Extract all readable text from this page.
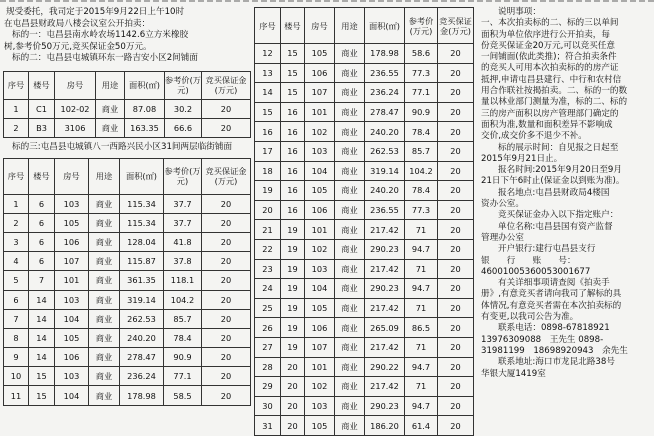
规受委托，我司定于2015年9月22日上午10时
在屯昌县财政局八楼会议室公开拍卖：
标的一：屯昌县南水岭农场1142.6立方米橡胶
树,参考价50万元,竞买保证金50万元。
标的二：屯昌县屯城镇环东一路吉安小区2间铺面
序号	楼号	房号	用途	面积(㎡)	参考价(万元)	竞买保证金(万元)
1	C1	102-02	商业	87.08	30.2	20
2	B3	3106	商业	163.35	66.6	20
标的三:屯昌县屯城镇八一西路兴民小区31间两层临街铺面
序号	楼号	房号	用途	面积(㎡)	参考价(万元)	竞买保证金(万元)
1	6	103	商业	115.34	37.7	20
2	6	105	商业	115.34	37.7	20
3	6	106	商业	128.04	41.8	20
4	6	107	商业	115.87	37.8	20
5	7	101	商业	361.35	118.1	20
6	14	103	商业	319.14	104.2	20
7	14	104	商业	262.53	85.7	20
8	14	105	商业	240.20	78.4	20
9	14	106	商业	278.47	90.9	20
10	15	103	商业	236.24	77.1	20
11	15	104	商业	178.98	58.5	20
序号	楼号	房号	用途	面积(㎡)	参考价(万元)	竞买保证金(万元)
12	15	105	商业	178.98	58.6	20
13	15	106	商业	236.55	77.3	20
14	15	107	商业	236.24	77.1	20
15	16	101	商业	278.47	90.9	20
16	16	102	商业	240.20	78.4	20
17	16	103	商业	262.53	85.7	20
18	16	104	商业	319.14	104.2	20
19	16	105	商业	240.20	78.4	20
20	16	106	商业	236.55	77.3	20
21	19	101	商业	217.42	71	20
22	19	102	商业	290.23	94.7	20
23	19	103	商业	217.42	71	20
24	19	104	商业	290.23	94.7	20
25	19	105	商业	217.42	71	20
26	19	106	商业	265.09	86.5	20
27	19	107	商业	217.42	71	20
28	20	101	商业	290.22	94.7	20
29	20	102	商业	217.42	71	20
30	20	103	商业	290.23	94.7	20
31	20	105	商业	186.20	61.4	20

说明事项：

一、本次拍卖标的二、标的三以单间

面积为单位依序进行公开拍卖，每

份竞买保证金20万元,可以竞买任意

一间铺面(依此类推)；符合拍卖条件

的竞买人可用本次拍卖标的的房产证

抵押,申请屯昌县建行、中行和农村信

用合作联社按揭拍卖。二、标的一的数

量以林业部门测量为准，标的二、标的

三的房产面积以房产管理部门确定的

面积为准,数量和面积差异不影响成

交价,成交价多不退少不补。

标的展示时间：自见报之日起至

2015年9月21日止。

报名时间:2015年9月20日至9月

21日下午6时止(保证金以到账为准)。

报名地点:屯昌县财政局4楼国

资办公室。

竞买保证金办入以下指定账户：

单位名称:屯昌县国有资产监督

管理办公室

开户银行:建行屯昌县支行

银　　行　　账　　号：

46001005360053001677

有关详细事项请查阅《拍卖手

册》,有意竞买者请向我司了解标的具

体情况,有意竞买者需在本次拍卖标的

有变更,以我司公告为准。

联系电话：0898-67818921

13976309088　王先生 0898-

31981199　18698920943　余先生

联系地址:海口市龙昆北路38号

华银大厦1419室
